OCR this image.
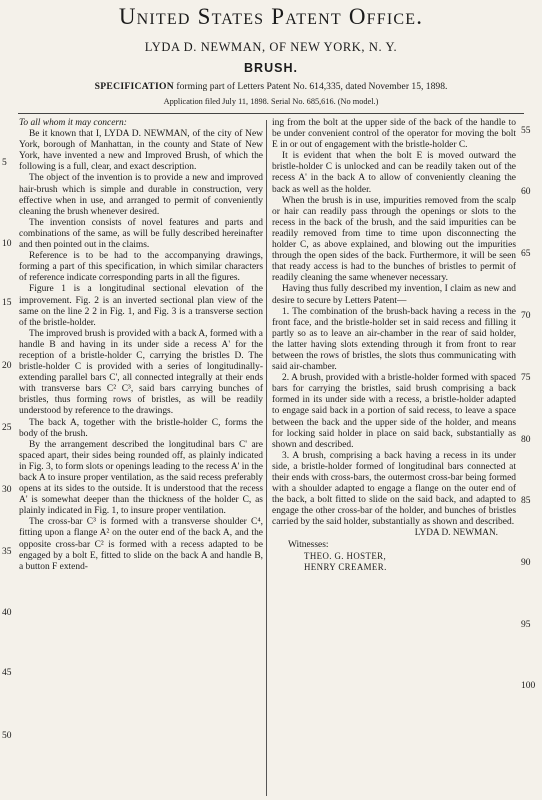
United States Patent Office.
LYDA D. NEWMAN, OF NEW YORK, N. Y.
BRUSH.
SPECIFICATION forming part of Letters Patent No. 614,335, dated November 15, 1898.
Application filed July 11, 1898. Serial No. 685,616. (No model.)

To all whom it may concern:

Be it known that I, LYDA D. NEWMAN, of the city of New York, borough of Manhattan, in the county and State of New York, have invented a new and Improved Brush, of which the following is a full, clear, and exact description.

The object of the invention is to provide a new and improved hair-brush which is simple and durable in construction, very effective when in use, and arranged to permit of conveniently cleaning the brush whenever desired.

The invention consists of novel features and parts and combinations of the same, as will be fully described hereinafter and then pointed out in the claims.

Reference is to be had to the accompanying drawings, forming a part of this specification, in which similar characters of reference indicate corresponding parts in all the figures.

Figure 1 is a longitudinal sectional elevation of the improvement. Fig. 2 is an inverted sectional plan view of the same on the line 2 2 in Fig. 1, and Fig. 3 is a transverse section of the bristle-holder.

The improved brush is provided with a back A, formed with a handle B and having in its under side a recess A' for the reception of a bristle-holder C, carrying the bristles D. The bristle-holder C is provided with a series of longitudinally-extending parallel bars C', all connected integrally at their ends with transverse bars C² C³, said bars carrying bunches of bristles, thus forming rows of bristles, as will be readily understood by reference to the drawings.

The back A, together with the bristle-holder C, forms the body of the brush.

By the arrangement described the longitudinal bars C' are spaced apart, their sides being rounded off, as plainly indicated in Fig. 3, to form slots or openings leading to the recess A' in the back A to insure proper ventilation, as the said recess preferably opens at its sides to the outside. It is understood that the recess A' is somewhat deeper than the thickness of the holder C, as plainly indicated in Fig. 1, to insure proper ventilation.

The cross-bar C³ is formed with a transverse shoulder C⁴, fitting upon a flange A² on the outer end of the back A, and the opposite cross-bar C² is formed with a recess adapted to be engaged by a bolt E, fitted to slide on the back A and handle B, a button F extend-

ing from the bolt at the upper side of the back of the handle to be under convenient control of the operator for moving the bolt E in or out of engagement with the bristle-holder C.

It is evident that when the bolt E is moved outward the bristle-holder C is unlocked and can be readily taken out of the recess A' in the back A to allow of conveniently cleaning the back as well as the holder.

When the brush is in use, impurities removed from the scalp or hair can readily pass through the openings or slots to the recess in the back of the brush, and the said impurities can be readily removed from time to time upon disconnecting the holder C, as above explained, and blowing out the impurities through the open sides of the back. Furthermore, it will be seen that ready access is had to the bunches of bristles to permit of readily cleaning the same whenever necessary.

Having thus fully described my invention, I claim as new and desire to secure by Letters Patent—

1. The combination of the brush-back having a recess in the front face, and the bristle-holder set in said recess and filling it partly so as to leave an air-chamber in the rear of said holder, the latter having slots extending through it from front to rear between the rows of bristles, the slots thus communicating with said air-chamber.

2. A brush, provided with a bristle-holder formed with spaced bars for carrying the bristles, said brush comprising a back formed in its under side with a recess, a bristle-holder adapted to engage said back in a portion of said recess, to leave a space between the back and the upper side of the holder, and means for locking said holder in place on said back, substantially as shown and described.

3. A brush, comprising a back having a recess in its under side, a bristle-holder formed of longitudinal bars connected at their ends with cross-bars, the outermost cross-bar being formed with a shoulder adapted to engage a flange on the outer end of the back, a bolt fitted to slide on the said back, and adapted to engage the other cross-bar of the holder, and bunches of bristles carried by the said holder, substantially as shown and described.

LYDA D. NEWMAN.

Witnesses:

THEO. G. HOSTER,

HENRY CREAMER.

5
10
15
20
25
30
35
40
45
50
55
60
65
70
75
80
85
90
95
100
